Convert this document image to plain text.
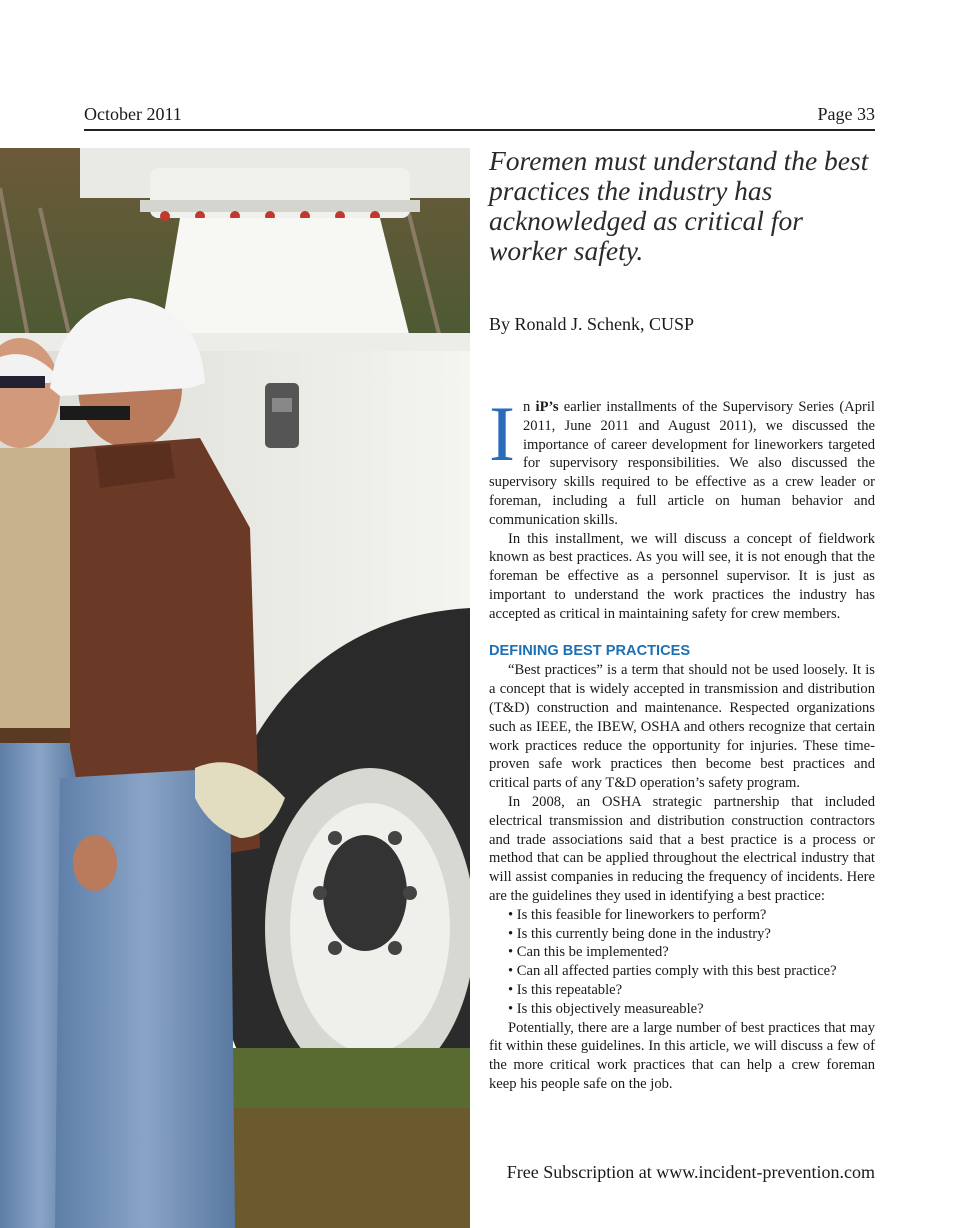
October 2011	Page 33
Foremen must understand the best practices the industry has acknowledged as critical for worker safety.
By Ronald J. Schenk, CUSP

In iP’s earlier installments of the Supervisory Series (April 2011, June 2011 and August 2011), we discussed the importance of career development for lineworkers targeted for supervisory responsibilities. We also discussed the supervisory skills required to be effective as a crew leader or foreman, including a full article on human behavior and communication skills.

In this installment, we will discuss a concept of fieldwork known as best practices. As you will see, it is not enough that the foreman be effective as a personnel supervisor. It is just as important to understand the work practices the industry has accepted as critical in maintaining safety for crew members.

DEFINING BEST PRACTICES

“Best practices” is a term that should not be used loosely. It is a concept that is widely accepted in transmission and distribution (T&D) construction and maintenance. Respected organizations such as IEEE, the IBEW, OSHA and others recognize that certain work practices reduce the opportunity for injuries. These time-proven safe work practices then become best practices and critical parts of any T&D operation’s safety program.

In 2008, an OSHA strategic partnership that included electrical transmission and distribution construction contractors and trade associations said that a best practice is a process or method that can be applied throughout the electrical industry that will assist companies in reducing the frequency of incidents. Here are the guidelines they used in identifying a best practice:

• Is this feasible for lineworkers to perform?
• Is this currently being done in the industry?
• Can this be implemented?
• Can all affected parties comply with this best practice?
• Is this repeatable?
• Is this objectively measureable?

Potentially, there are a large number of best practices that may fit within these guidelines. In this article, we will discuss a few of the more critical work practices that can help a crew foreman keep his people safe on the job.

Free Subscription at www.incident-prevention.com
